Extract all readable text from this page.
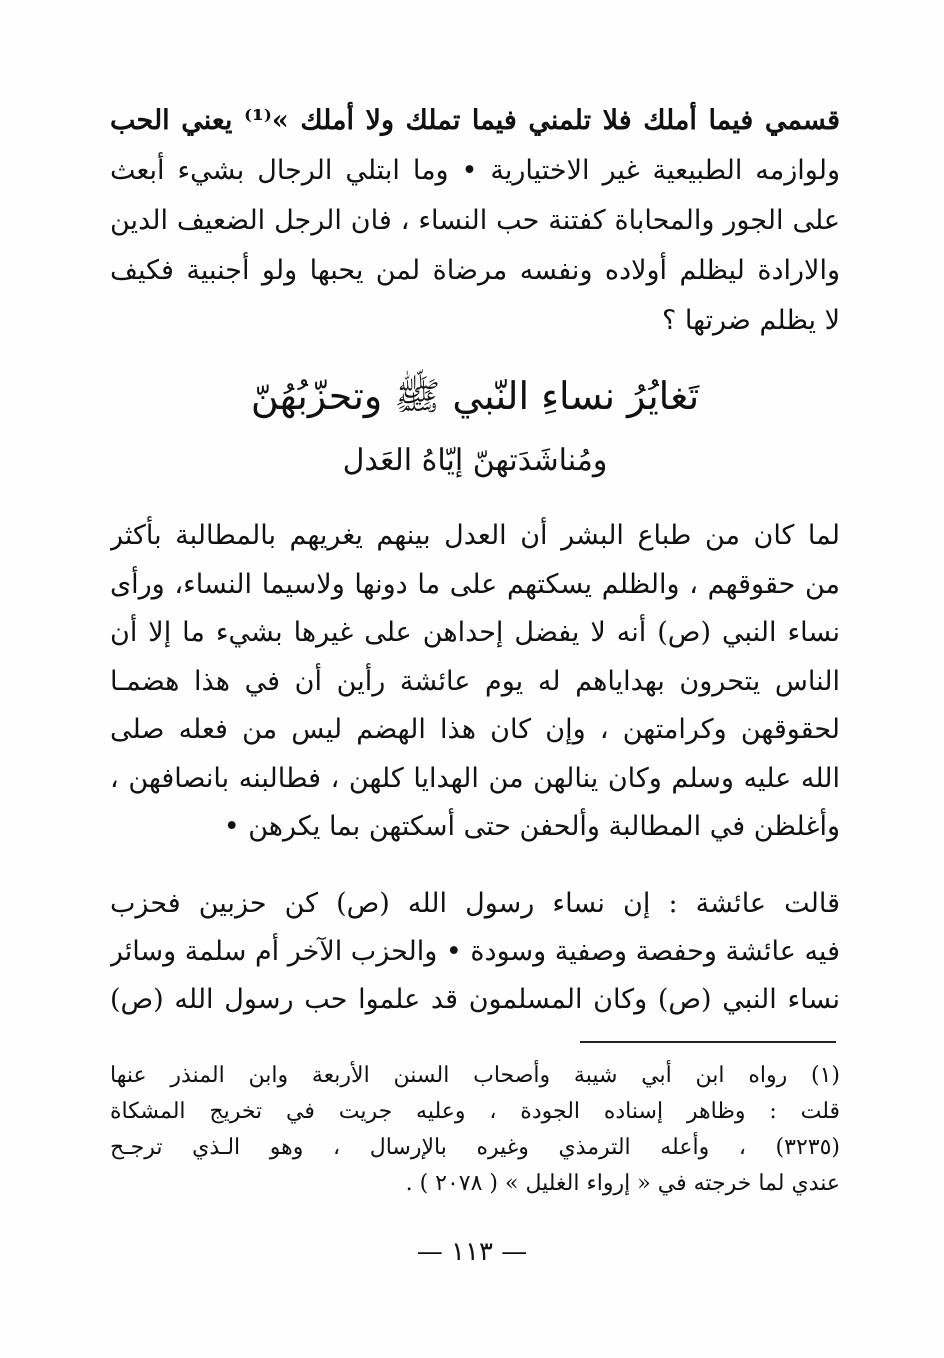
قسمي فيما أملك فلا تلمني فيما تملك ولا أملك »⁽¹⁾ يعني الحب
ولوازمه الطبيعية غير الاختيارية • وما ابتلي الرجال بشيء أبعث
على الجور والمحاباة كفتنة حب النساء ، فان الرجل الضعيف الدين
والارادة ليظلم أولاده ونفسه مرضاة لمن يحبها ولو أجنبية فكيف
لا يظلم ضرتها ؟
تَغايُرُ نساءِ النّبي ﷺ وتحزّبُهُنّ
ومُناشَدَتهنّ إيّاهُ العَدل
لما كان من طباع البشر أن العدل بينهم يغريهم بالمطالبة بأكثر
من حقوقهم ، والظلم يسكتهم على ما دونها ولاسيما النساء، ورأى
نساء النبي (ص) أنه لا يفضل إحداهن على غيرها بشيء ما إلا أن
الناس يتحرون بهداياهم له يوم عائشة رأين أن في هذا هضمـا
لحقوقهن وكرامتهن ، وإن كان هذا الهضم ليس من فعله صلى
الله عليه وسلم وكان ينالهن من الهدايا كلهن ، فطالبنه بانصافهن ،
وأغلظن في المطالبة وألحفن حتى أسكتهن بما يكرهن •
قالت عائشة : إن نساء رسول الله (ص) كن حزبين فحزب
فيه عائشة وحفصة وصفية وسودة • والحزب الآخر أم سلمة وسائر
نساء النبي (ص) وكان المسلمون قد علموا حب رسول الله (ص)
(١) رواه ابن أبي شيبة وأصحاب السنن الأربعة وابن المنذر عنها
قلت : وظاهر إسناده الجودة ، وعليه جريت في تخريج المشكاة
(٣٢٣٥) ، وأعله الترمذي وغيره بالإرسال ، وهو الـذي ترجـح
عندي لما خرجته في « إرواء الغليل » ( ٢٠٧٨ ) .
— ١١٣ —
